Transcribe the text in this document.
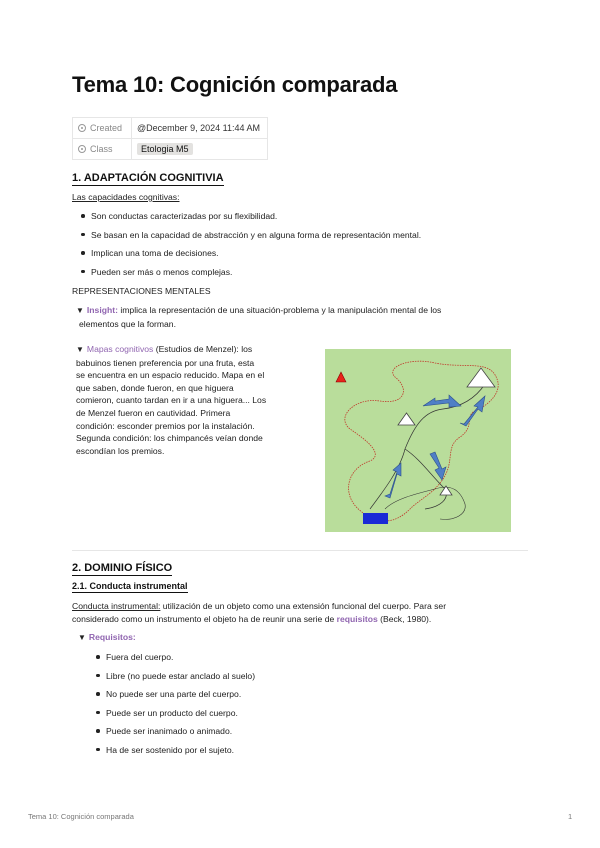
Tema 10: Cognición comparada
Created	@December 9, 2024 11:44 AM
Class	Etologia M5
1. ADAPTACIÓN COGNITIVIA

Las capacidades cognitivas:

Son conductas caracterizadas por su flexibilidad.
Se basan en la capacidad de abstracción y en alguna forma de representación mental.
Implican una toma de decisiones.
Pueden ser más o menos complejas.

REPRESENTACIONES MENTALES

▼ Insight: implica la representación de una situación-problema y la manipulación mental de los
elementos que la forman.

▼ Mapas cognitivos (Estudios de Menzel): los
babuinos tienen preferencia por una fruta, esta
se encuentra en un espacio reducido. Mapa en el
que saben, donde fueron, en que higuera
comieron, cuanto tardan en ir a una higuera... Los
de Menzel fueron en cautividad. Primera
condición: esconder premios por la instalación.
Segunda condición: los chimpancés veían donde
escondían los premios.

2. DOMINIO FÍSICO
2.1. Conducta instrumental

Conducta instrumental: utilización de un objeto como una extensión funcional del cuerpo. Para ser
considerado como un instrumento el objeto ha de reunir una serie de requisitos (Beck, 1980).

▼ Requisitos:

Fuera del cuerpo.
Libre (no puede estar anclado al suelo)
No puede ser una parte del cuerpo.
Puede ser un producto del cuerpo.
Puede ser inanimado o animado.
Ha de ser sostenido por el sujeto.
Tema 10: Cognición comparada	1
